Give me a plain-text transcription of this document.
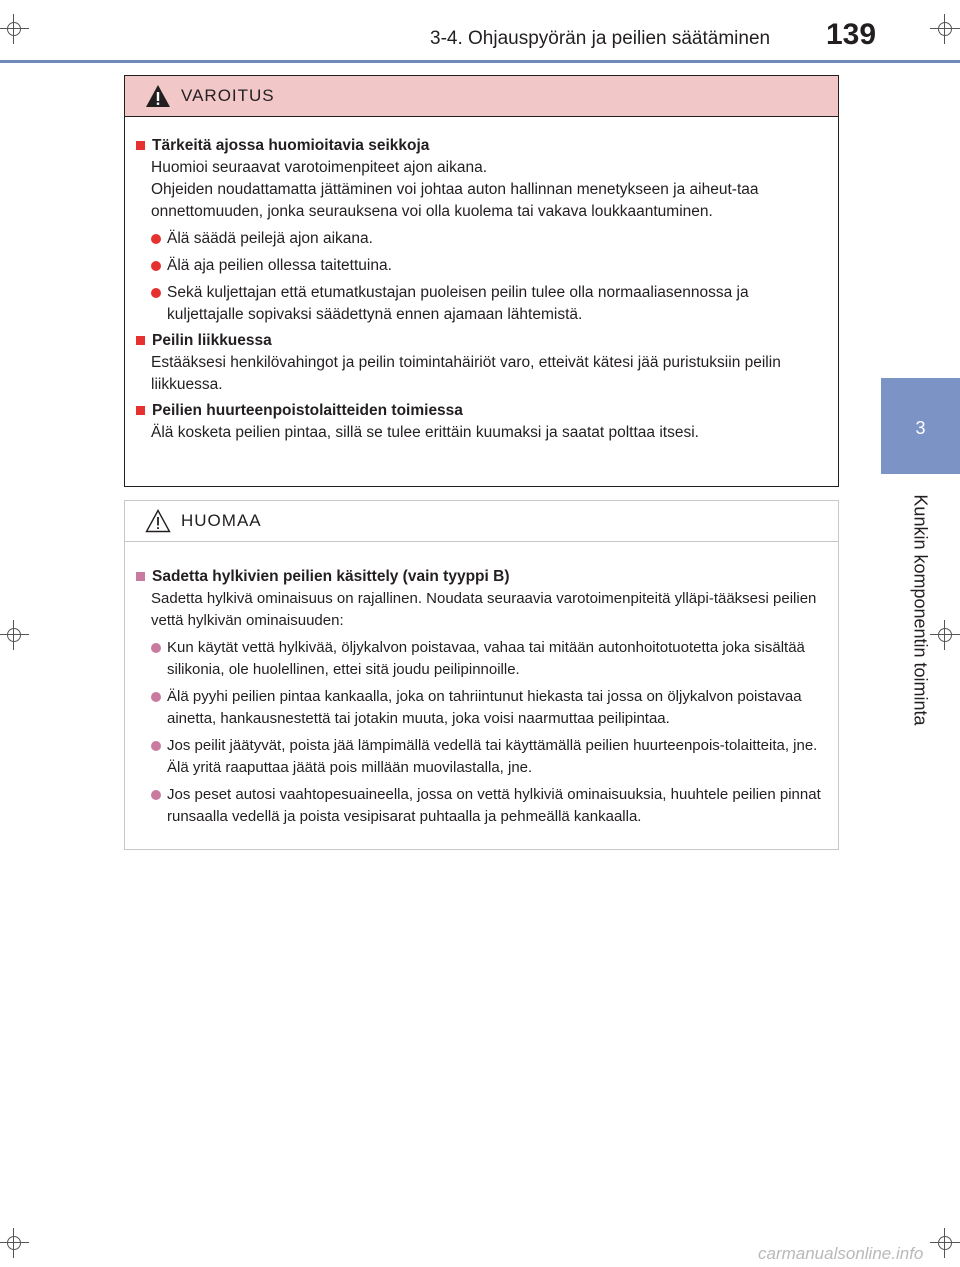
3-4. Ohjauspyörän ja peilien säätäminen 139
3
Kunkin komponentin toiminta
VAROITUS
Tärkeitä ajossa huomioitavia seikkoja
Huomioi seuraavat varotoimenpiteet ajon aikana.
Ohjeiden noudattamatta jättäminen voi johtaa auton hallinnan menetykseen ja aiheut-taa onnettomuuden, jonka seurauksena voi olla kuolema tai vakava loukkaantuminen.
Älä säädä peilejä ajon aikana.
Älä aja peilien ollessa taitettuina.
Sekä kuljettajan että etumatkustajan puoleisen peilin tulee olla normaaliasennossa ja kuljettajalle sopivaksi säädettynä ennen ajamaan lähtemistä.
Peilin liikkuessa
Estääksesi henkilövahingot ja peilin toimintahäiriöt varo, etteivät kätesi jää puristuksiin peilin liikkuessa.
Peilien huurteenpoistolaitteiden toimiessa
Älä kosketa peilien pintaa, sillä se tulee erittäin kuumaksi ja saatat polttaa itsesi.
HUOMAA
Sadetta hylkivien peilien käsittely (vain tyyppi B)
Sadetta hylkivä ominaisuus on rajallinen. Noudata seuraavia varotoimenpiteitä ylläpi-tääksesi peilien vettä hylkivän ominaisuuden:
Kun käytät vettä hylkivää, öljykalvon poistavaa, vahaa tai mitään autonhoitotuotetta joka sisältää silikonia, ole huolellinen, ettei sitä joudu peilipinnoille.
Älä pyyhi peilien pintaa kankaalla, joka on tahriintunut hiekasta tai jossa on öljykalvon poistavaa ainetta, hankausnestettä tai jotakin muuta, joka voisi naarmuttaa peilipintaa.
Jos peilit jäätyvät, poista jää lämpimällä vedellä tai käyttämällä peilien huurteenpois-tolaitteita, jne. Älä yritä raaputtaa jäätä pois millään muovilastalla, jne.
Jos peset autosi vaahtopesuaineella, jossa on vettä hylkiviä ominaisuuksia, huuhtele peilien pinnat runsaalla vedellä ja poista vesipisarat puhtaalla ja pehmeällä kankaalla.
carmanualsonline.info
